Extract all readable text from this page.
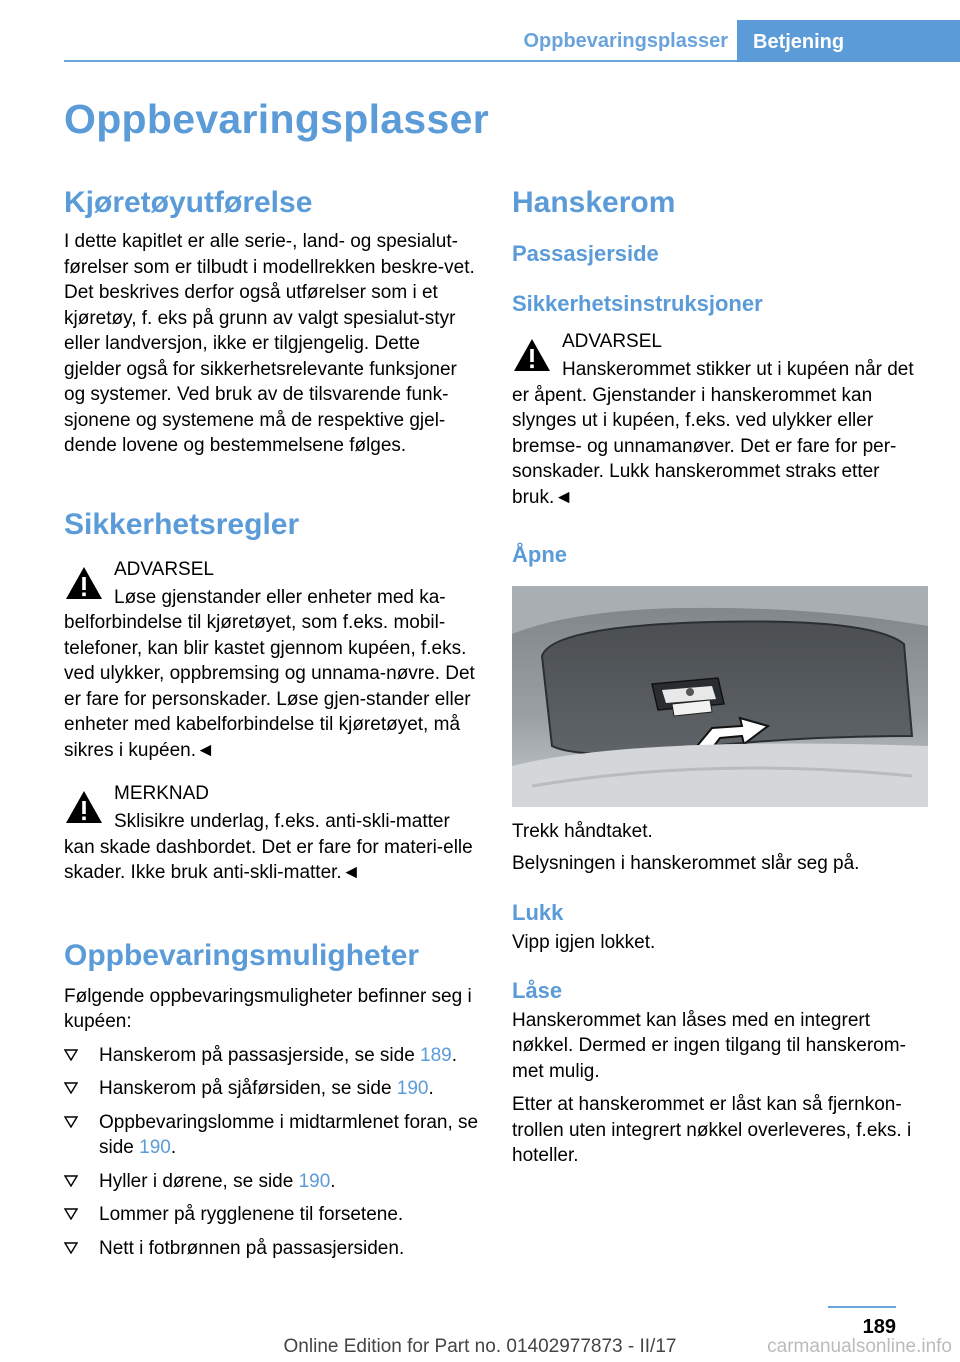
Oppbevaringsplasser	Betjening
Oppbevaringsplasser
Kjøretøyutførelse

I dette kapitlet er alle serie-, land- og spesialut-førelser som er tilbudt i modellrekken beskre-vet. Det beskrives derfor også utførelser som i et kjøretøy, f. eks på grunn av valgt spesialut-styr eller landversjon, ikke er tilgjengelig. Dette gjelder også for sikkerhetsrelevante funksjoner og systemer. Ved bruk av de tilsvarende funk-sjonene og systemene må de respektive gjel-dende lovene og bestemmelsene følges.

Sikkerhetsregler
ADVARSEL
Løse gjenstander eller enheter med ka-belforbindelse til kjøretøyet, som f.eks. mobil-telefoner, kan blir kastet gjennom kupéen, f.eks. ved ulykker, oppbremsing og unnama-nøvre. Det er fare for personskader. Løse gjen-stander eller enheter med kabelforbindelse til kjøretøyet, må sikres i kupéen.◄
MERKNAD
Sklisikre underlag, f.eks. anti-skli-matter kan skade dashbordet. Det er fare for materi-elle skader. Ikke bruk anti-skli-matter.◄
Oppbevaringsmuligheter

Følgende oppbevaringsmuligheter befinner seg i kupéen:

Hanskerom på passasjerside, se side 189.
Hanskerom på sjåførsiden, se side 190.
Oppbevaringslomme i midtarmlenet foran, se side 190.
Hyller i dørene, se side 190.
Lommer på rygglenene til forsetene.
Nett i fotbrønnen på passasjersiden.
Hanskerom
Passasjerside
Sikkerhetsinstruksjoner
ADVARSEL
Hanskerommet stikker ut i kupéen når det er åpent. Gjenstander i hanskerommet kan slynges ut i kupéen, f.eks. ved ulykker eller bremse- og unnamanøver. Det er fare for per-sonskader. Lukk hanskerommet straks etter bruk.◄
Åpne

Trekk håndtaket.

Belysningen i hanskerommet slår seg på.

Lukk

Vipp igjen lokket.

Låse

Hanskerommet kan låses med en integrert nøkkel. Dermed er ingen tilgang til hanskerom-met mulig.

Etter at hanskerommet er låst kan så fjernkon-trollen uten integrert nøkkel overleveres, f.eks. i hoteller.

189
Online Edition for Part no. 01402977873 - II/17	carmanualsonline.info
